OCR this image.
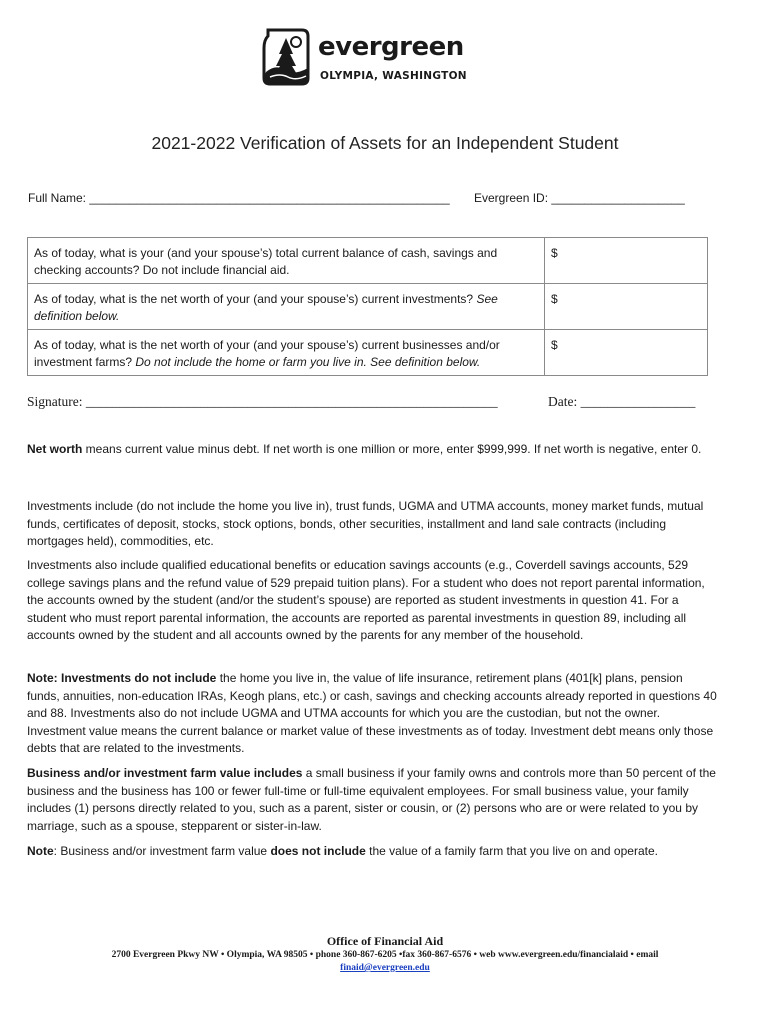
evergreen
OLYMPIA, WASHINGTON
2021-2022 Verification of Assets for an Independent Student
Full Name: ______________________________________________________ Evergreen ID: ____________________
As of today, what is your (and your spouse’s) total current balance of cash, savings and checking accounts? Do not include financial aid.	$
As of today, what is the net worth of your (and your spouse’s) current investments? See definition below.	$
As of today, what is the net worth of your (and your spouse’s) current businesses and/or investment farms? Do not include the home or farm you live in. See definition below.	$
Signature: _____________________________________________________________	Date: _________________
Net worth means current value minus debt. If net worth is one million or more, enter $999,999. If net worth is negative, enter 0.
Investments include (do not include the home you live in), trust funds, UGMA and UTMA accounts, money market funds, mutual funds, certificates of deposit, stocks, stock options, bonds, other securities, installment and land sale contracts (including mortgages held), commodities, etc.
Investments also include qualified educational benefits or education savings accounts (e.g., Coverdell savings accounts, 529 college savings plans and the refund value of 529 prepaid tuition plans). For a student who does not report parental information, the accounts owned by the student (and/or the student’s spouse) are reported as student investments in question 41. For a student who must report parental information, the accounts are reported as parental investments in question 89, including all accounts owned by the student and all accounts owned by the parents for any member of the household.
Note: Investments do not include the home you live in, the value of life insurance, retirement plans (401[k] plans, pension funds, annuities, non-education IRAs, Keogh plans, etc.) or cash, savings and checking accounts already reported in questions 40 and 88. Investments also do not include UGMA and UTMA accounts for which you are the custodian, but not the owner. Investment value means the current balance or market value of these investments as of today. Investment debt means only those debts that are related to the investments.
Business and/or investment farm value includes a small business if your family owns and controls more than 50 percent of the business and the business has 100 or fewer full-time or full-time equivalent employees. For small business value, your family includes (1) persons directly related to you, such as a parent, sister or cousin, or (2) persons who are or were related to you by marriage, such as a spouse, stepparent or sister-in-law.
Note: Business and/or investment farm value does not include the value of a family farm that you live on and operate.
Office of Financial Aid
2700 Evergreen Pkwy NW • Olympia, WA 98505 • phone 360-867-6205 •fax 360-867-6576 • web www.evergreen.edu/financialaid • email
finaid@evergreen.edu
